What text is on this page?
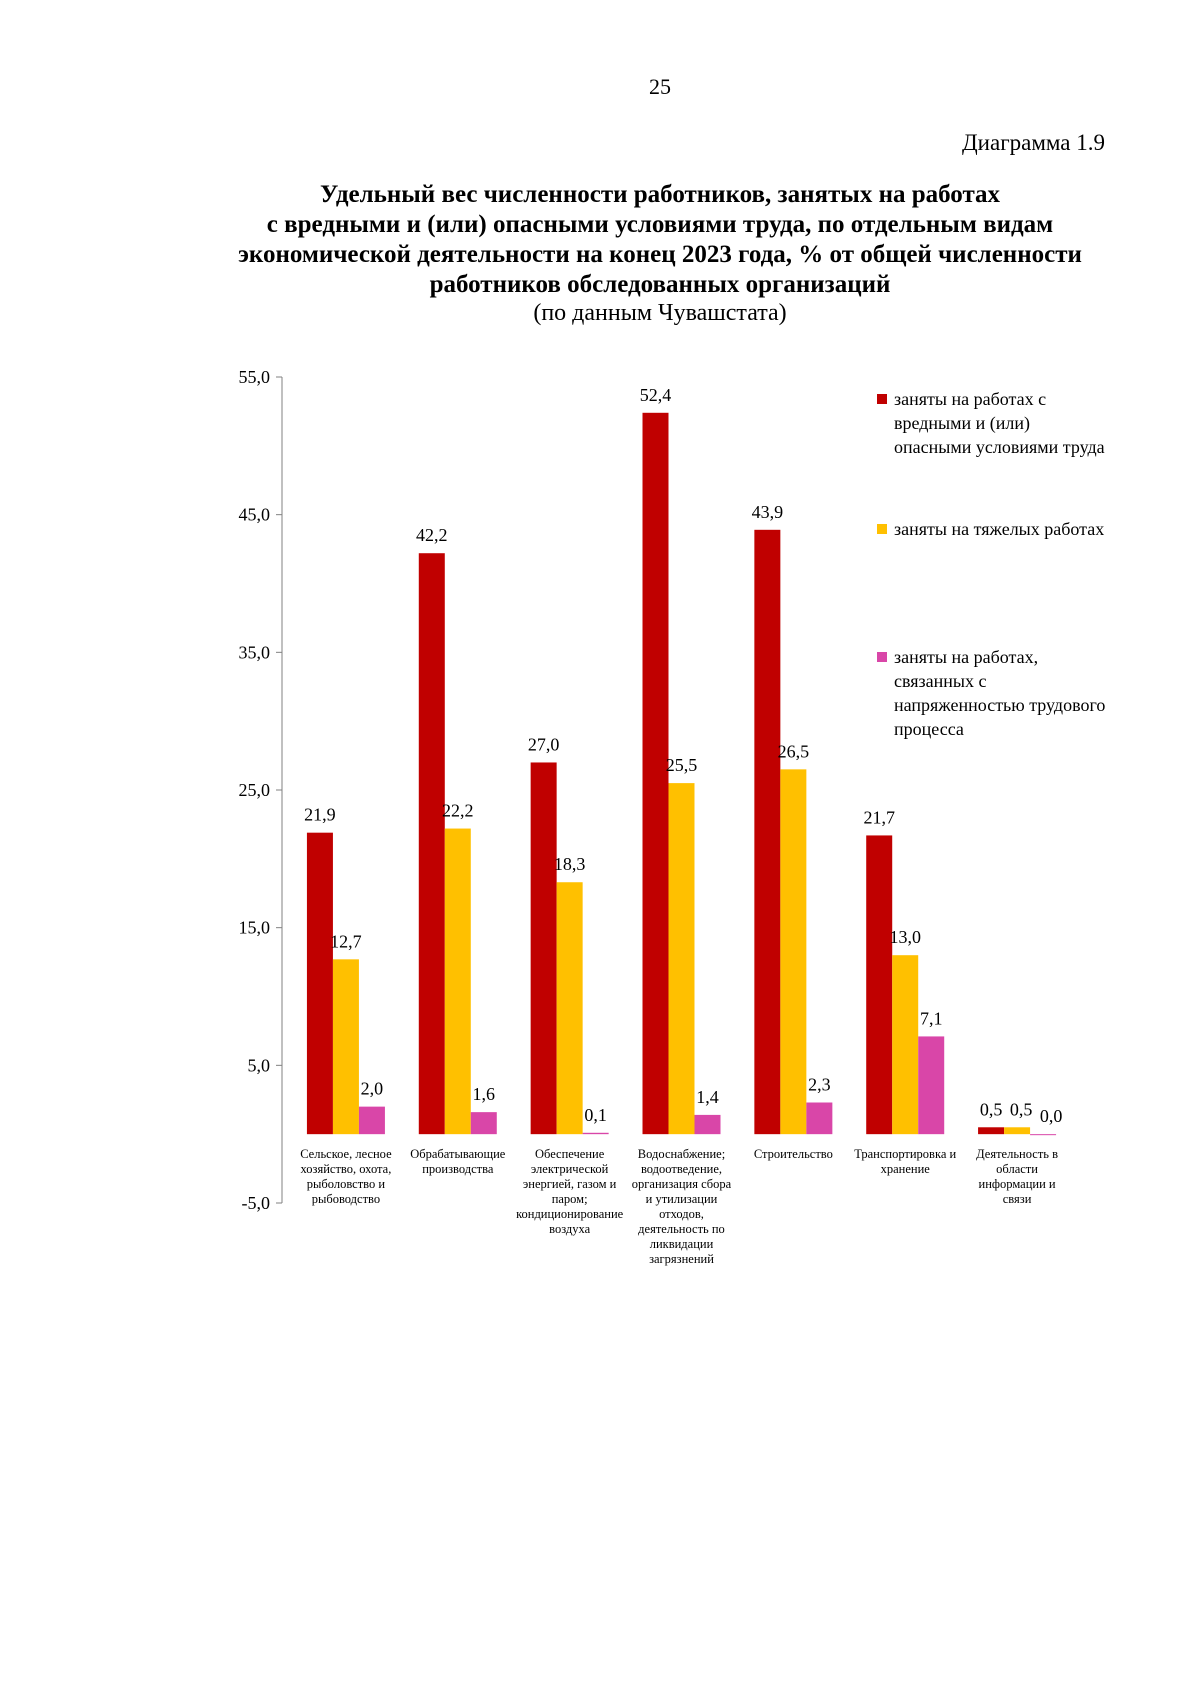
25
Диаграмма 1.9
Удельный вес численности работников, занятых на работах
с вредными и (или) опасными условиями труда, по отдельным видам
экономической деятельности на конец 2023 года, % от общей численности
работников обследованных организаций
(по данным Чувашстата)
-5,0
5,0
15,0
25,0
35,0
45,0
55,0
21,9
12,7
2,0
42,2
22,2
1,6
27,0
18,3
0,1
52,4
25,5
1,4
43,9
26,5
2,3
21,7
13,0
7,1
0,5 0,5 0,0
Сельское, лесное хозяйство, охота, рыболовство и рыбоводство
Обрабатывающие производства
Обеспечение электрической энергией, газом и паром; кондиционирование воздуха
Водоснабжение; водоотведение, организация сбора и утилизации отходов, деятельность по ликвидации загрязнений
Строительство Транспортировка и хранение
Деятельность в области информации и связи
заняты на работах с вредными и (или) опасными условиями труда
заняты на тяжелых работах
заняты на работах, связанных с напряженностью трудового процесса
